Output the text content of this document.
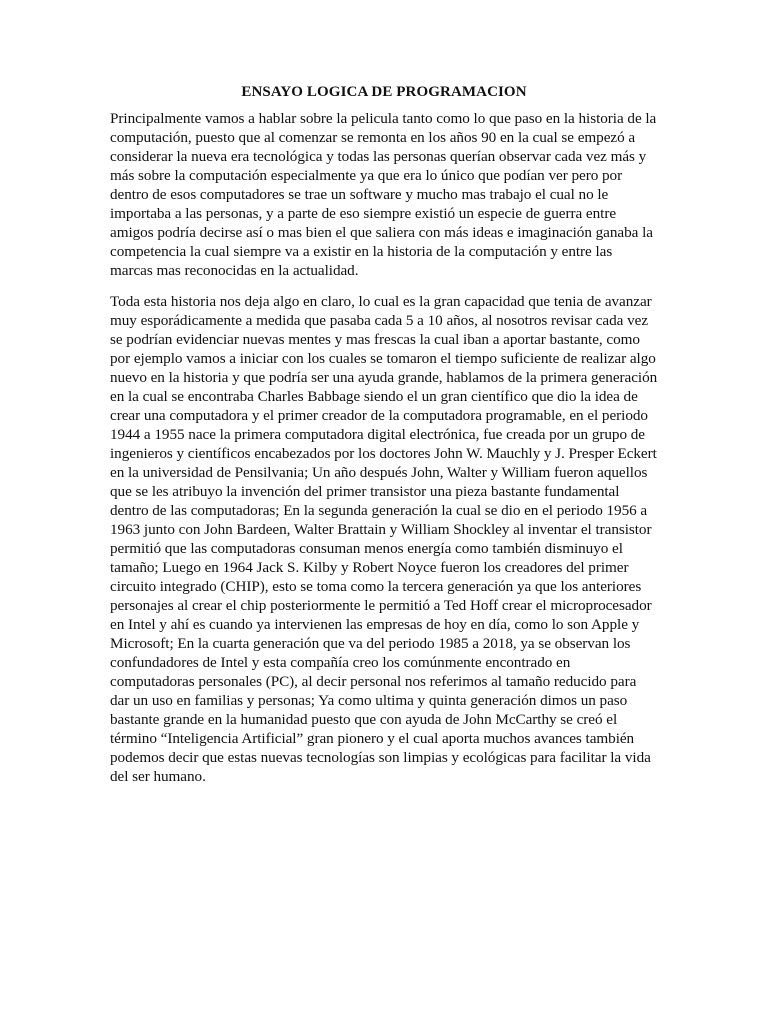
ENSAYO LOGICA DE PROGRAMACION

Principalmente vamos a hablar sobre la pelicula tanto como lo que paso en la historia de la computación, puesto que al comenzar se remonta en los años 90 en la cual se empezó a considerar la nueva era tecnológica y todas las personas querían observar cada vez más y más sobre la computación especialmente ya que era lo único que podían ver pero por dentro de esos computadores se trae un software y mucho mas trabajo el cual no le importaba a las personas, y a parte de eso siempre existió un especie de guerra entre amigos podría decirse así o mas bien el que saliera con más ideas e imaginación ganaba la competencia la cual siempre va a existir en la historia de la computación y entre las marcas mas reconocidas en la actualidad.

Toda esta historia nos deja algo en claro, lo cual es la gran capacidad que tenia de avanzar muy esporádicamente a medida que pasaba cada 5 a 10 años, al nosotros revisar cada vez se podrían evidenciar nuevas mentes y mas frescas la cual iban a aportar bastante, como por ejemplo vamos a iniciar con los cuales se tomaron el tiempo suficiente de realizar algo nuevo en la historia y que podría ser una ayuda grande, hablamos de la primera generación en la cual se encontraba Charles Babbage siendo el un gran científico que dio la idea de crear una computadora y el primer creador de la computadora programable, en el periodo 1944 a 1955 nace la primera computadora digital electrónica, fue creada por un grupo de ingenieros y científicos encabezados por los doctores John W. Mauchly y J. Presper Eckert en la universidad de Pensilvania; Un año después John, Walter y William fueron aquellos que se les atribuyo la invención del primer transistor una pieza bastante fundamental dentro de las computadoras; En la segunda generación la cual se dio en el periodo 1956 a 1963 junto con John Bardeen, Walter Brattain y William Shockley al inventar el transistor permitió que las computadoras consuman menos energía como también disminuyo el tamaño; Luego en 1964 Jack S. Kilby y Robert Noyce fueron los creadores del primer circuito integrado (CHIP), esto se toma como la tercera generación ya que los anteriores personajes al crear el chip posteriormente le permitió a Ted Hoff crear el microprocesador en Intel y ahí es cuando ya intervienen las empresas de hoy en día, como lo son Apple y Microsoft; En la cuarta generación que va del periodo 1985 a 2018, ya se observan los confundadores de Intel y esta compañía creo los comúnmente encontrado en computadoras personales (PC), al decir personal nos referimos al tamaño reducido para dar un uso en familias y personas; Ya como ultima y quinta generación dimos un paso bastante grande en la humanidad puesto que con ayuda de John McCarthy se creó el término “Inteligencia Artificial” gran pionero y el cual aporta muchos avances también podemos decir que estas nuevas tecnologías son limpias y ecológicas para facilitar la vida del ser humano.
